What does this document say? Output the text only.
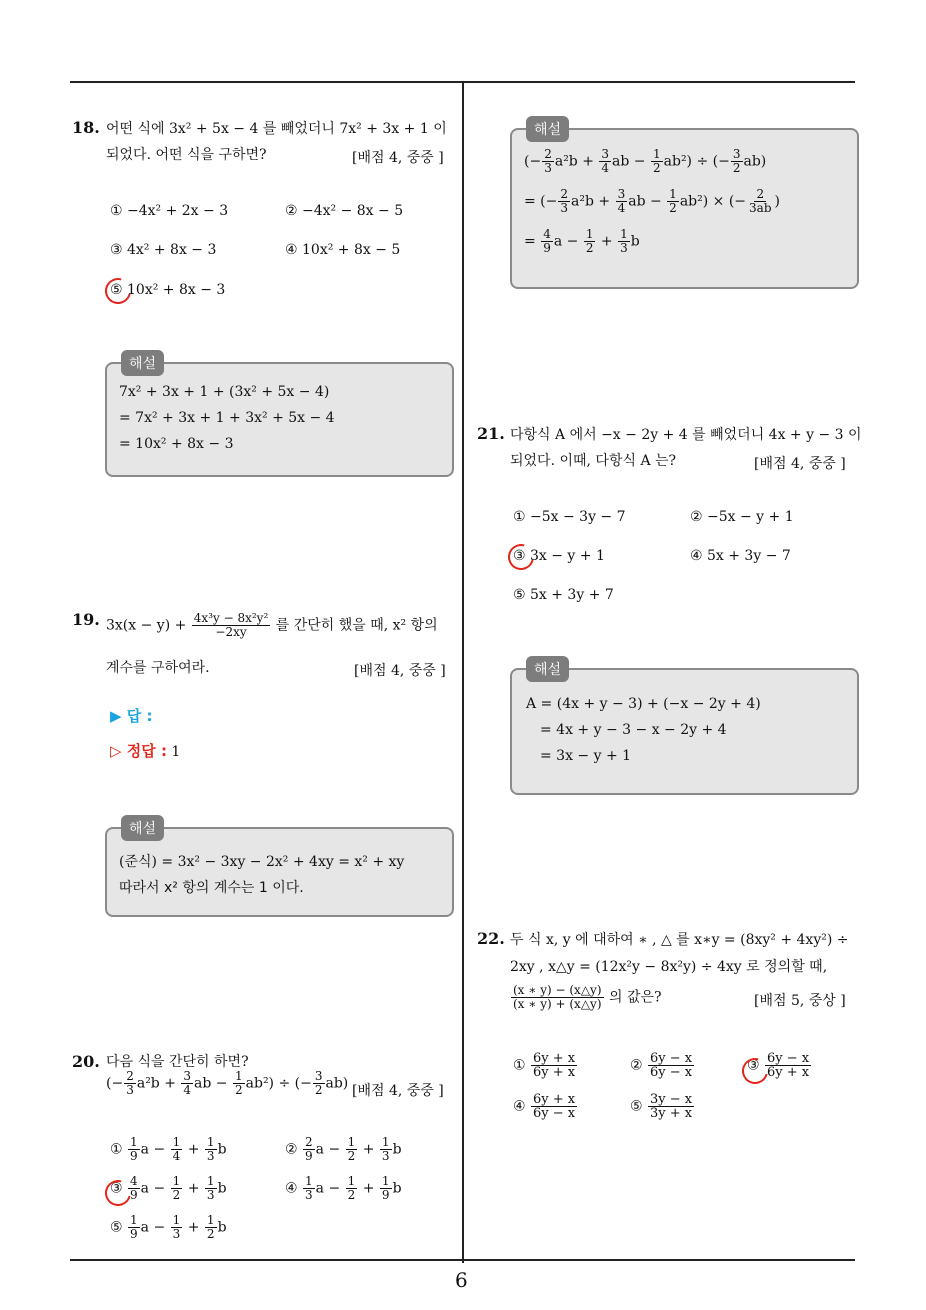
6
18. 어떤 식에 3x² + 5x − 4 를 빼었더니 7x² + 3x + 1 이
되었다. 어떤 식을 구하면?	[배점 4, 중중 ]
① −4x² + 2x − 3	② −4x² − 8x − 5
③ 4x² + 8x − 3	④ 10x² + 8x − 5
⑤ 10x² + 8x − 3
해설
7x² + 3x + 1 + (3x² + 5x − 4)
= 7x² + 3x + 1 + 3x² + 5x − 4
= 10x² + 8x − 3
19. $3x(x - y) + \frac{\text{4x³y − 8x²y²}}{-2xy}$ 를 간단히 했을 때, x² 항의
계수를 구하여라.	[배점 4, 중중 ]
▶ 답 :
▷ 정답 : 1
해설
(준식) = 3x² − 3xy − 2x² + 4xy = x² + xy
따라서 x² 항의 계수는 1 이다.
20. 다음 식을 간단히 하면?
(− $\frac{2}{3} a^2b + \frac{3}{4}$ ab − $\frac{1}{2} ab^2$) ÷ (− $\frac{3}{2} ab$) [배점 4, 중중 ]
① $\frac{1}{9}$ $a - \frac{1}{4} + \frac{1}{3}$ b	② $\frac{2}{9}$ $a - \frac{1}{2} + \frac{1}{3}$ b
③ $\frac{4}{9}$ $a - \frac{1}{2} + \frac{1}{3}$ b	④ $\frac{1}{3}$ $a - \frac{1}{2} + \frac{1}{9}$ b
⑤ $\frac{1}{9}$ $a - \frac{1}{3} + \frac{1}{2}$ b
해설
(− $\frac{2}{3} a^2b + \frac{3}{4}$ ab − $\frac{1}{2} ab^2$) ÷ (− $\frac{3}{2} ab$)
= (− $\frac{2}{3} a^2b + \frac{3}{4}$ ab − $\frac{1}{2} ab^2$) × (− $\frac{2}{3ab}$ )
= $\frac{4}{9}$ $a - \frac{1}{2} + \frac{1}{3}$ b
21. 다항식 A 에서 −x − 2y + 4 를 빼었더니 4x + y − 3 이
되었다. 이때, 다항식 A 는?	[배점 4, 중중 ]
① −5x − 3y − 7	② −5x − y + 1
③ 3x − y + 1	④ 5x + 3y − 7
⑤ 5x + 3y + 7
해설
A = (4x + y − 3) + (−x − 2y + 4)
= 4x + y − 3 − x − 2y + 4
= 3x − y + 1
22. 두 식 x, y 에 대하여 ∗ , △ 를 x∗y = (8xy² + 4xy²) ÷
2xy , x△y = (12x²y − 8x²y) ÷ 4xy 로 정의할 때,
$\frac{(x ∗ y) - (x\triangle y)}{(x ∗ y) + (x\triangle y)}$ 의 값은?	[배점 5, 중상 ]
① $\frac{6y + x}{6y + x}$	② $\frac{6y - x}{6y - x}$	③ $\frac{6y - x}{6y + x}$
④ $\frac{6y + x}{6y - x}$	⑤ $\frac{3y - x}{3y + x}$
